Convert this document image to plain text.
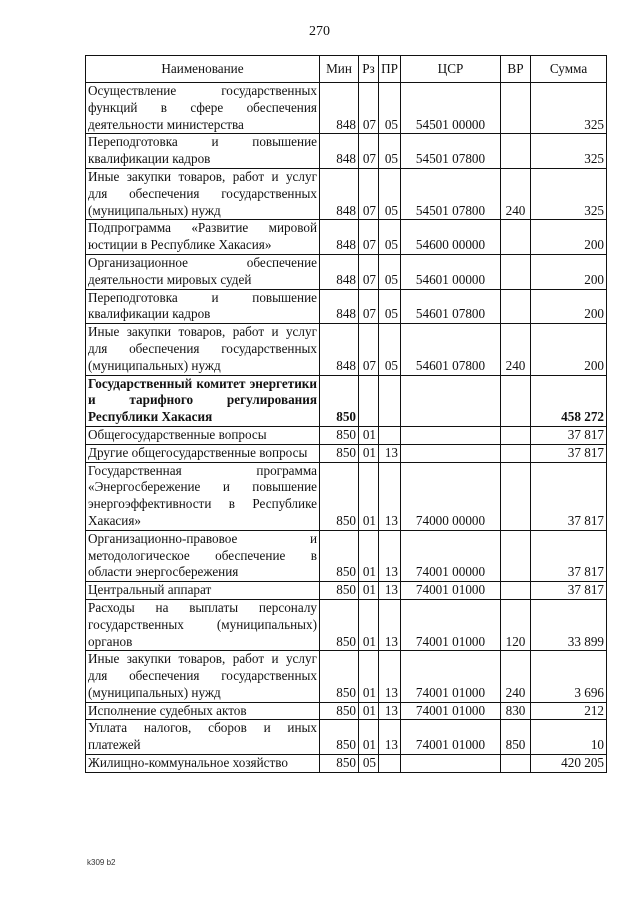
270
Наименование	Мин	Рз	ПР	ЦСР	ВР	Сумма
Осуществление государственных функций в сфере обеспечения деятельности министерства	848	07	05	54501 00000		325
Переподготовка и повышение квалификации кадров	848	07	05	54501 07800		325
Иные закупки товаров, работ и услуг для обеспечения государственных (муниципальных) нужд	848	07	05	54501 07800	240	325
Подпрограмма «Развитие мировой юстиции в Республике Хакасия»	848	07	05	54600 00000		200
Организационное обеспечение деятельности мировых судей	848	07	05	54601 00000		200
Переподготовка и повышение квалификации кадров	848	07	05	54601 07800		200
Иные закупки товаров, работ и услуг для обеспечения государственных (муниципальных) нужд	848	07	05	54601 07800	240	200
Государственный комитет энергетики и тарифного регулирования Республики Хакасия	850					458 272
Общегосударственные вопросы	850	01				37 817
Другие общегосударственные вопросы	850	01	13			37 817
Государственная программа «Энергосбережение и повышение энергоэффективности в Республике Хакасия»	850	01	13	74000 00000		37 817
Организационно-правовое и методологическое обеспечение в области энергосбережения	850	01	13	74001 00000		37 817
Центральный аппарат	850	01	13	74001 01000		37 817
Расходы на выплаты персоналу государственных (муниципальных) органов	850	01	13	74001 01000	120	33 899
Иные закупки товаров, работ и услуг для обеспечения государственных (муниципальных) нужд	850	01	13	74001 01000	240	3 696
Исполнение судебных актов	850	01	13	74001 01000	830	212
Уплата налогов, сборов и иных платежей	850	01	13	74001 01000	850	10
Жилищно-коммунальное хозяйство	850	05				420 205
k309 b2
